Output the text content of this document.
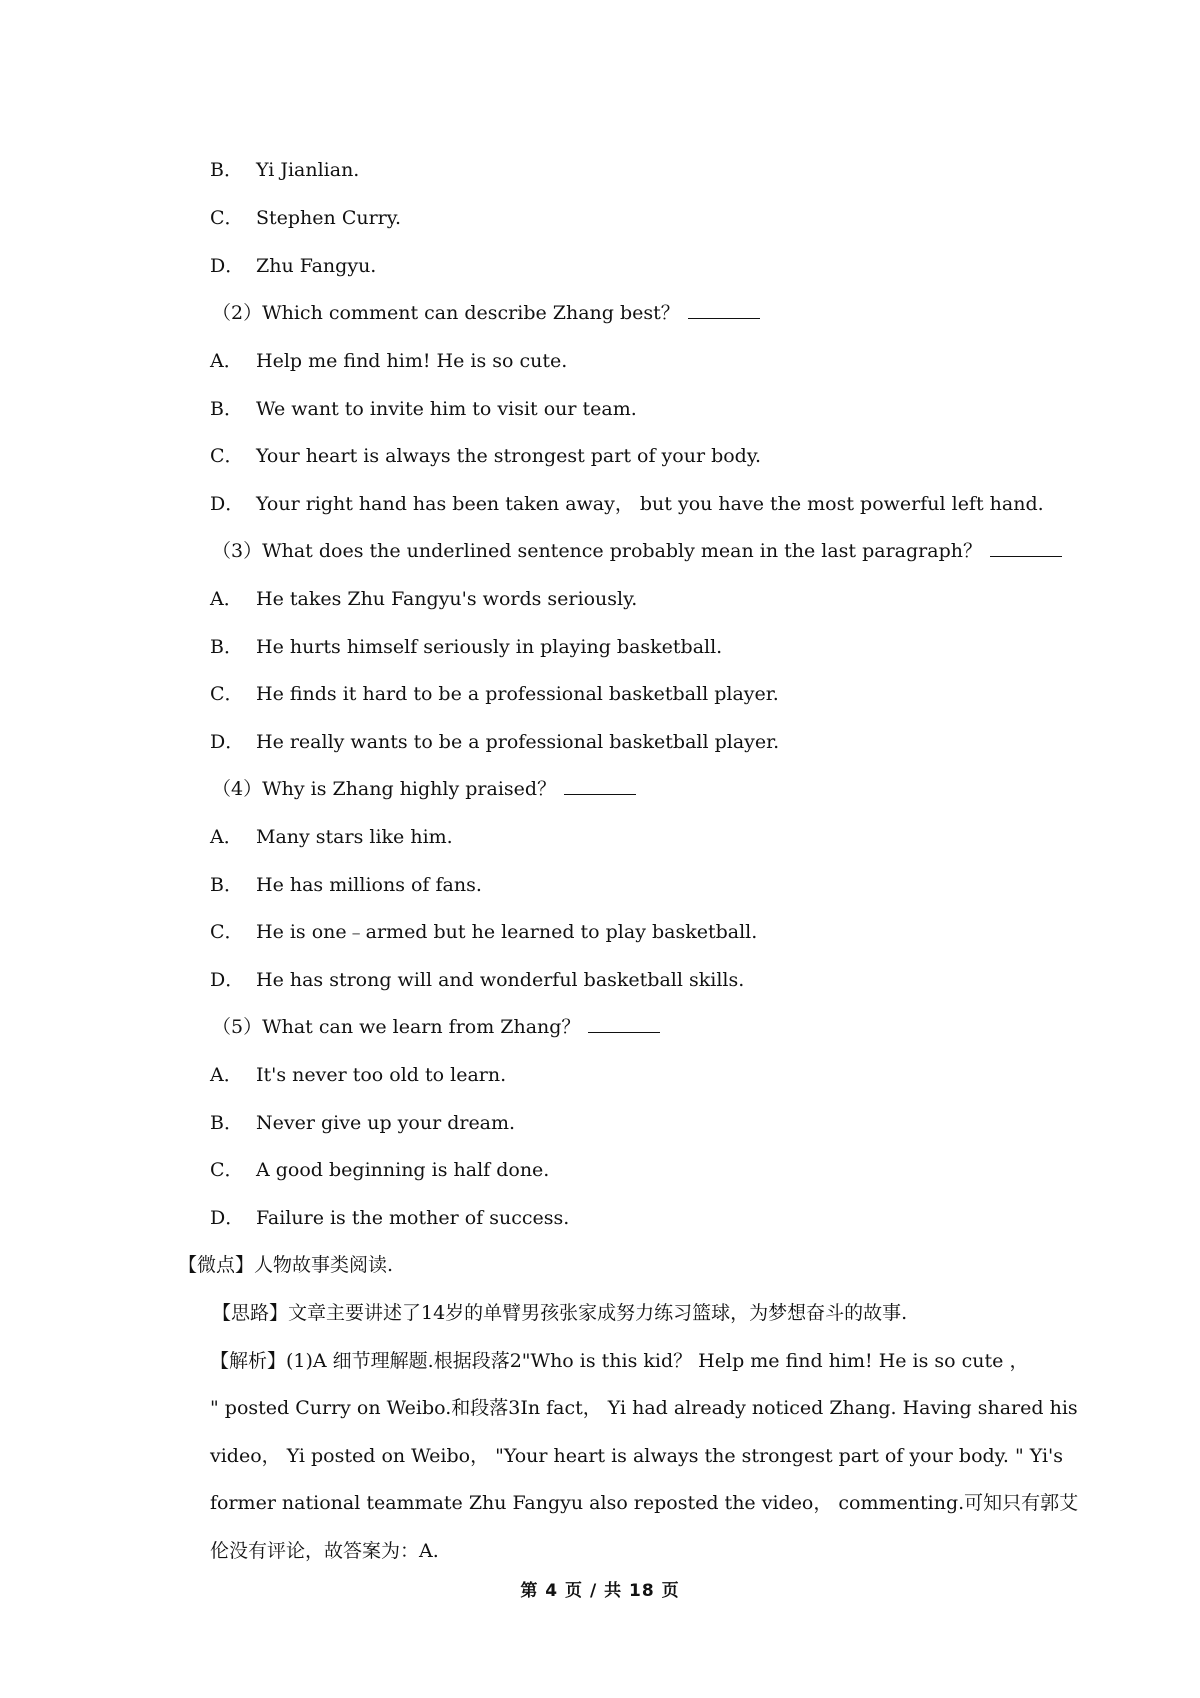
B． Yi Jianlian.
C． Stephen Curry.
D． Zhu Fangyu.
（2）Which comment can describe Zhang best？
A． Help me find him! He is so cute.
B． We want to invite him to visit our team.
C． Your heart is always the strongest part of your body.
D． Your right hand has been taken away， but you have the most powerful left hand.
（3）What does the underlined sentence probably mean in the last paragraph？
A． He takes Zhu Fangyu's words seriously.
B． He hurts himself seriously in playing basketball.
C． He finds it hard to be a professional basketball player.
D． He really wants to be a professional basketball player.
（4）Why is Zhang highly praised？
A． Many stars like him.
B． He has millions of fans.
C． He is one﹣armed but he learned to play basketball.
D． He has strong will and wonderful basketball skills.
（5）What can we learn from Zhang？
A． It's never too old to learn.
B． Never give up your dream.
C． A good beginning is half done.
D． Failure is the mother of success.
【微点】人物故事类阅读.
【思路】文章主要讲述了14岁的单臂男孩张家成努力练习篮球，为梦想奋斗的故事.
【解析】(1)A 细节理解题.根据段落2"Who is this kid？ Help me find him! He is so cute ，
" posted Curry on Weibo.和段落3In fact， Yi had already noticed Zhang. Having shared his
video， Yi posted on Weibo， "Your heart is always the strongest part of your body. " Yi's
former national teammate Zhu Fangyu also reposted the video， commenting.可知只有郭艾
伦没有评论，故答案为：A.
第 4 页 / 共 18 页
